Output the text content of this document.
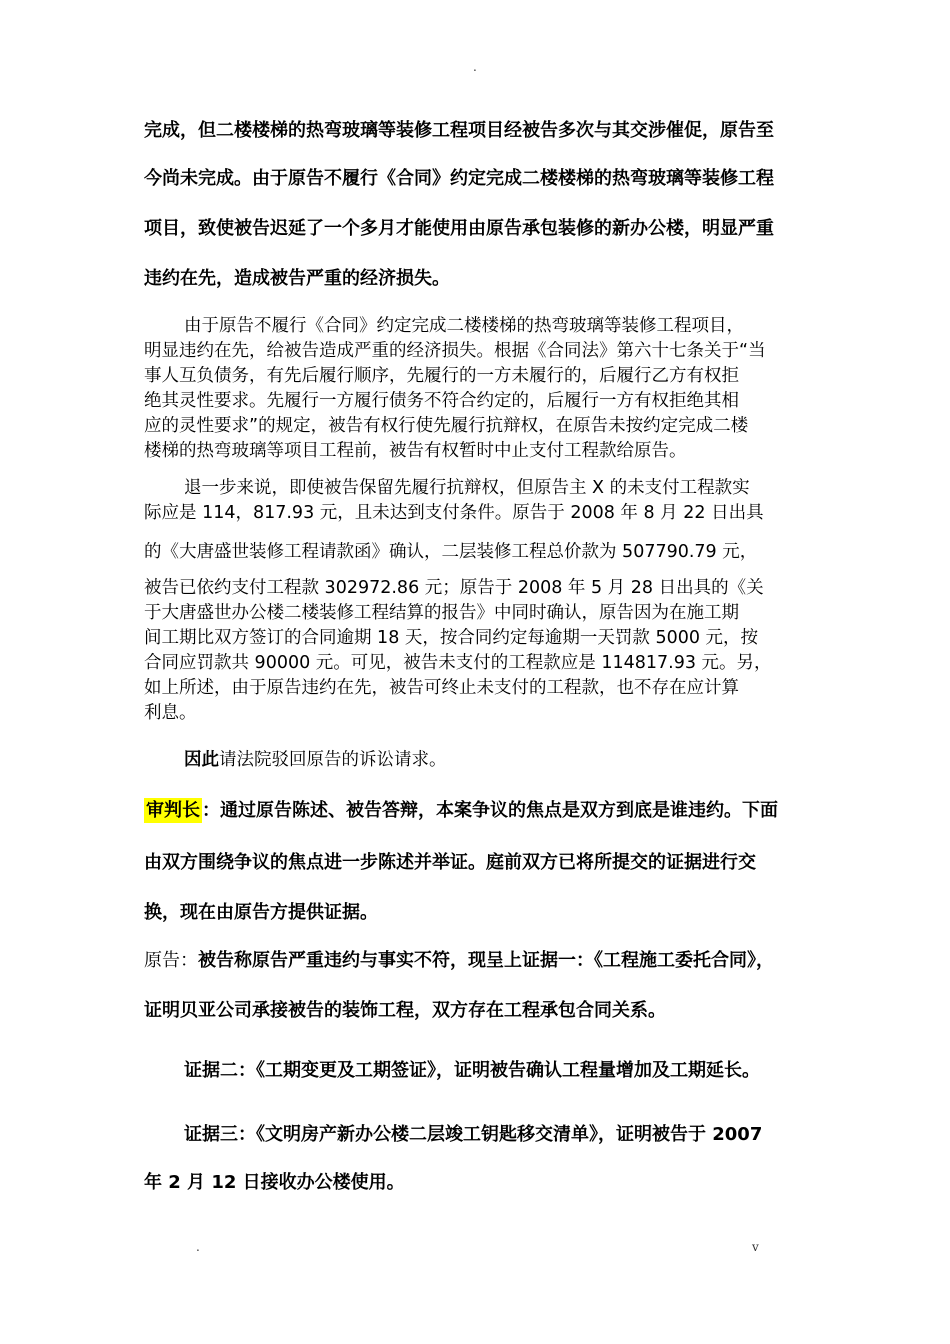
.
完成，但二楼楼梯的热弯玻璃等装修工程项目经被告多次与其交涉催促，原告至
今尚未完成。由于原告不履行《合同》约定完成二楼楼梯的热弯玻璃等装修工程
项目，致使被告迟延了一个多月才能使用由原告承包装修的新办公楼，明显严重
违约在先，造成被告严重的经济损失。
由于原告不履行《合同》约定完成二楼楼梯的热弯玻璃等装修工程项目，
明显违约在先，给被告造成严重的经济损失。根据《合同法》第六十七条关于“当
事人互负债务，有先后履行顺序，先履行的一方未履行的，后履行乙方有权拒
绝其灵性要求。先履行一方履行债务不符合约定的，后履行一方有权拒绝其相
应的灵性要求”的规定，被告有权行使先履行抗辩权，在原告未按约定完成二楼
楼梯的热弯玻璃等项目工程前，被告有权暂时中止支付工程款给原告。
退一步来说，即使被告保留先履行抗辩权，但原告主 X 的未支付工程款实
际应是 114，817.93 元，且未达到支付条件。原告于 2008 年 8 月 22 日出具
的《大唐盛世装修工程请款函》确认，二层装修工程总价款为 507790.79 元，
被告已依约支付工程款 302972.86 元；原告于 2008 年 5 月 28 日出具的《关
于大唐盛世办公楼二楼装修工程结算的报告》中同时确认，原告因为在施工期
间工期比双方签订的合同逾期 18 天，按合同约定每逾期一天罚款 5000 元，按
合同应罚款共 90000 元。可见，被告未支付的工程款应是 114817.93 元。另，
如上所述，由于原告违约在先，被告可终止未支付的工程款，也不存在应计算
利息。
因此请法院驳回原告的诉讼请求。
审判长 ：通过原告陈述、被告答辩，本案争议的焦点是双方到底是谁违约。下面
由双方围绕争议的焦点进一步陈述并举证。庭前双方已将所提交的证据进行交
换，现在由原告方提供证据。
原告：被告称原告严重违约与事实不符，现呈上证据一：《工程施工委托合同》，
证明贝亚公司承接被告的装饰工程，双方存在工程承包合同关系。
证据二：《工期变更及工期签证》，证明被告确认工程量增加及工期延长。
证据三：《文明房产新办公楼二层竣工钥匙移交清单》，证明被告于 2007
年 2 月 12 日接收办公楼使用。
.	v
